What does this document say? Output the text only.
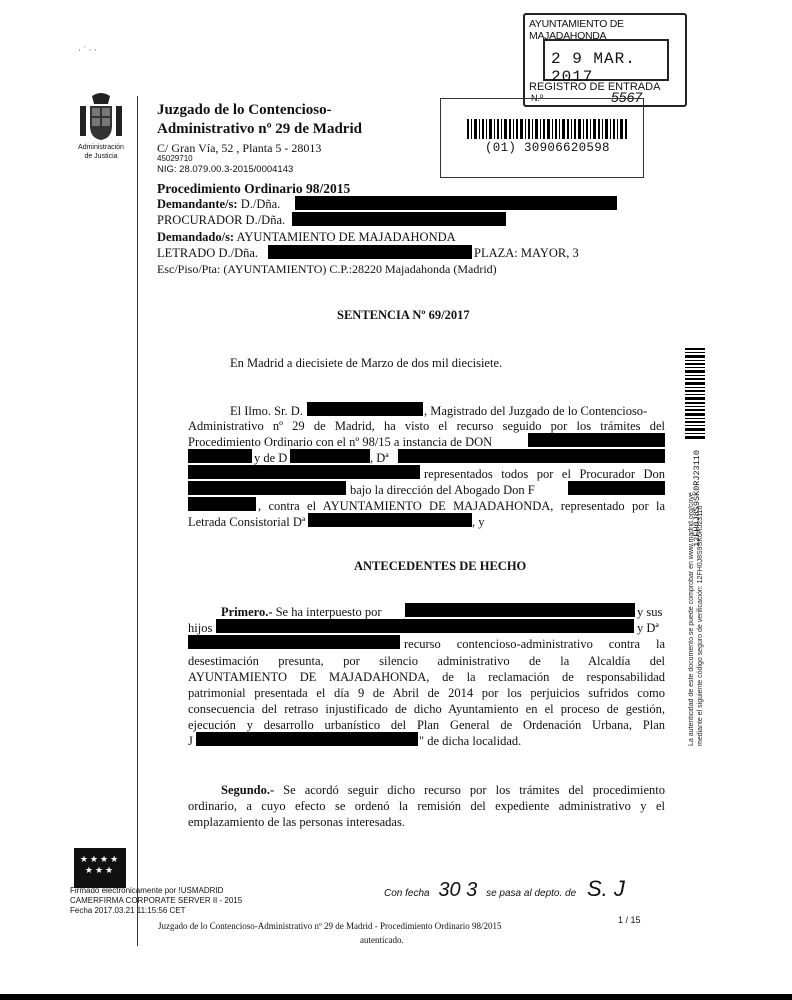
AYUNTAMIENTO DE MAJADAHONDA
2 9 MAR. 2017
REGISTRO DE ENTRADA
N.º	5567
· ˙ · ·
Administración
de Justicia
(01) 30906620598
12FH0J8S9SK0RJ23110
La autenticidad de este documento se puede comprobar en www.madrid.org/cove mediante el siguiente código seguro de verificación: 12FH0J8S9SK0RJ23110
Juzgado de lo Contencioso-
Administrativo nº 29 de Madrid
C/ Gran Vía, 52 , Planta 5 - 28013
45029710
NIG: 28.079.00.3-2015/0004143
Procedimiento Ordinario 98/2015
Demandante/s: D./Dña.
PROCURADOR D./Dña.
Demandado/s: AYUNTAMIENTO DE MAJADAHONDA
LETRADO D./Dña.	PLAZA: MAYOR, 3
Esc/Piso/Pta: (AYUNTAMIENTO) C.P.:28220 Majadahonda (Madrid)
SENTENCIA Nº 69/2017
En Madrid a diecisiete de Marzo de dos mil diecisiete.
El Ilmo. Sr. D.	, Magistrado del Juzgado de lo Contencioso-
Administrativo nº 29 de Madrid, ha visto el recurso seguido por los trámites del
Procedimiento Ordinario con el nº 98/15 a instancia de DON
y de D	, Dª
representados todos por el Procurador Don
bajo la dirección del Abogado Don F
, contra el AYUNTAMIENTO DE MAJADAHONDA, representado por la
Letrada Consistorial Dª	, y
ANTECEDENTES DE HECHO
Primero.- Se ha interpuesto por	y sus
hijos	y Dª
recurso contencioso-administrativo contra la
desestimación presunta, por silencio administrativo de la Alcaldía del
AYUNTAMIENTO DE MAJADAHONDA, de la reclamación de responsabilidad
patrimonial presentada el día 9 de Abril de 2014 por los perjuicios sufridos como
consecuencia del retraso injustificado de dicho Ayuntamiento en el proceso de gestión,
ejecución y desarrollo urbanístico del Plan General de Ordenación Urbana, Plan
J	" de dicha localidad.
Segundo.- Se acordó seguir dicho recurso por los trámites del procedimiento
ordinario, a cuyo efecto se ordenó la remisión del expediente administrativo y el
emplazamiento de las personas interesadas.
★★★★
★★★
Con fecha 30 3 se pasa al depto. de S. J
Firmado electrónicamente por !USMADRID
CAMERFIRMA CORPORATE SERVER II - 2015
Fecha 2017.03.21 11:15:56 CET
Juzgado de lo Contencioso-Administrativo nº 29 de Madrid - Procedimiento Ordinario 98/2015
1 / 15
autenticado.
